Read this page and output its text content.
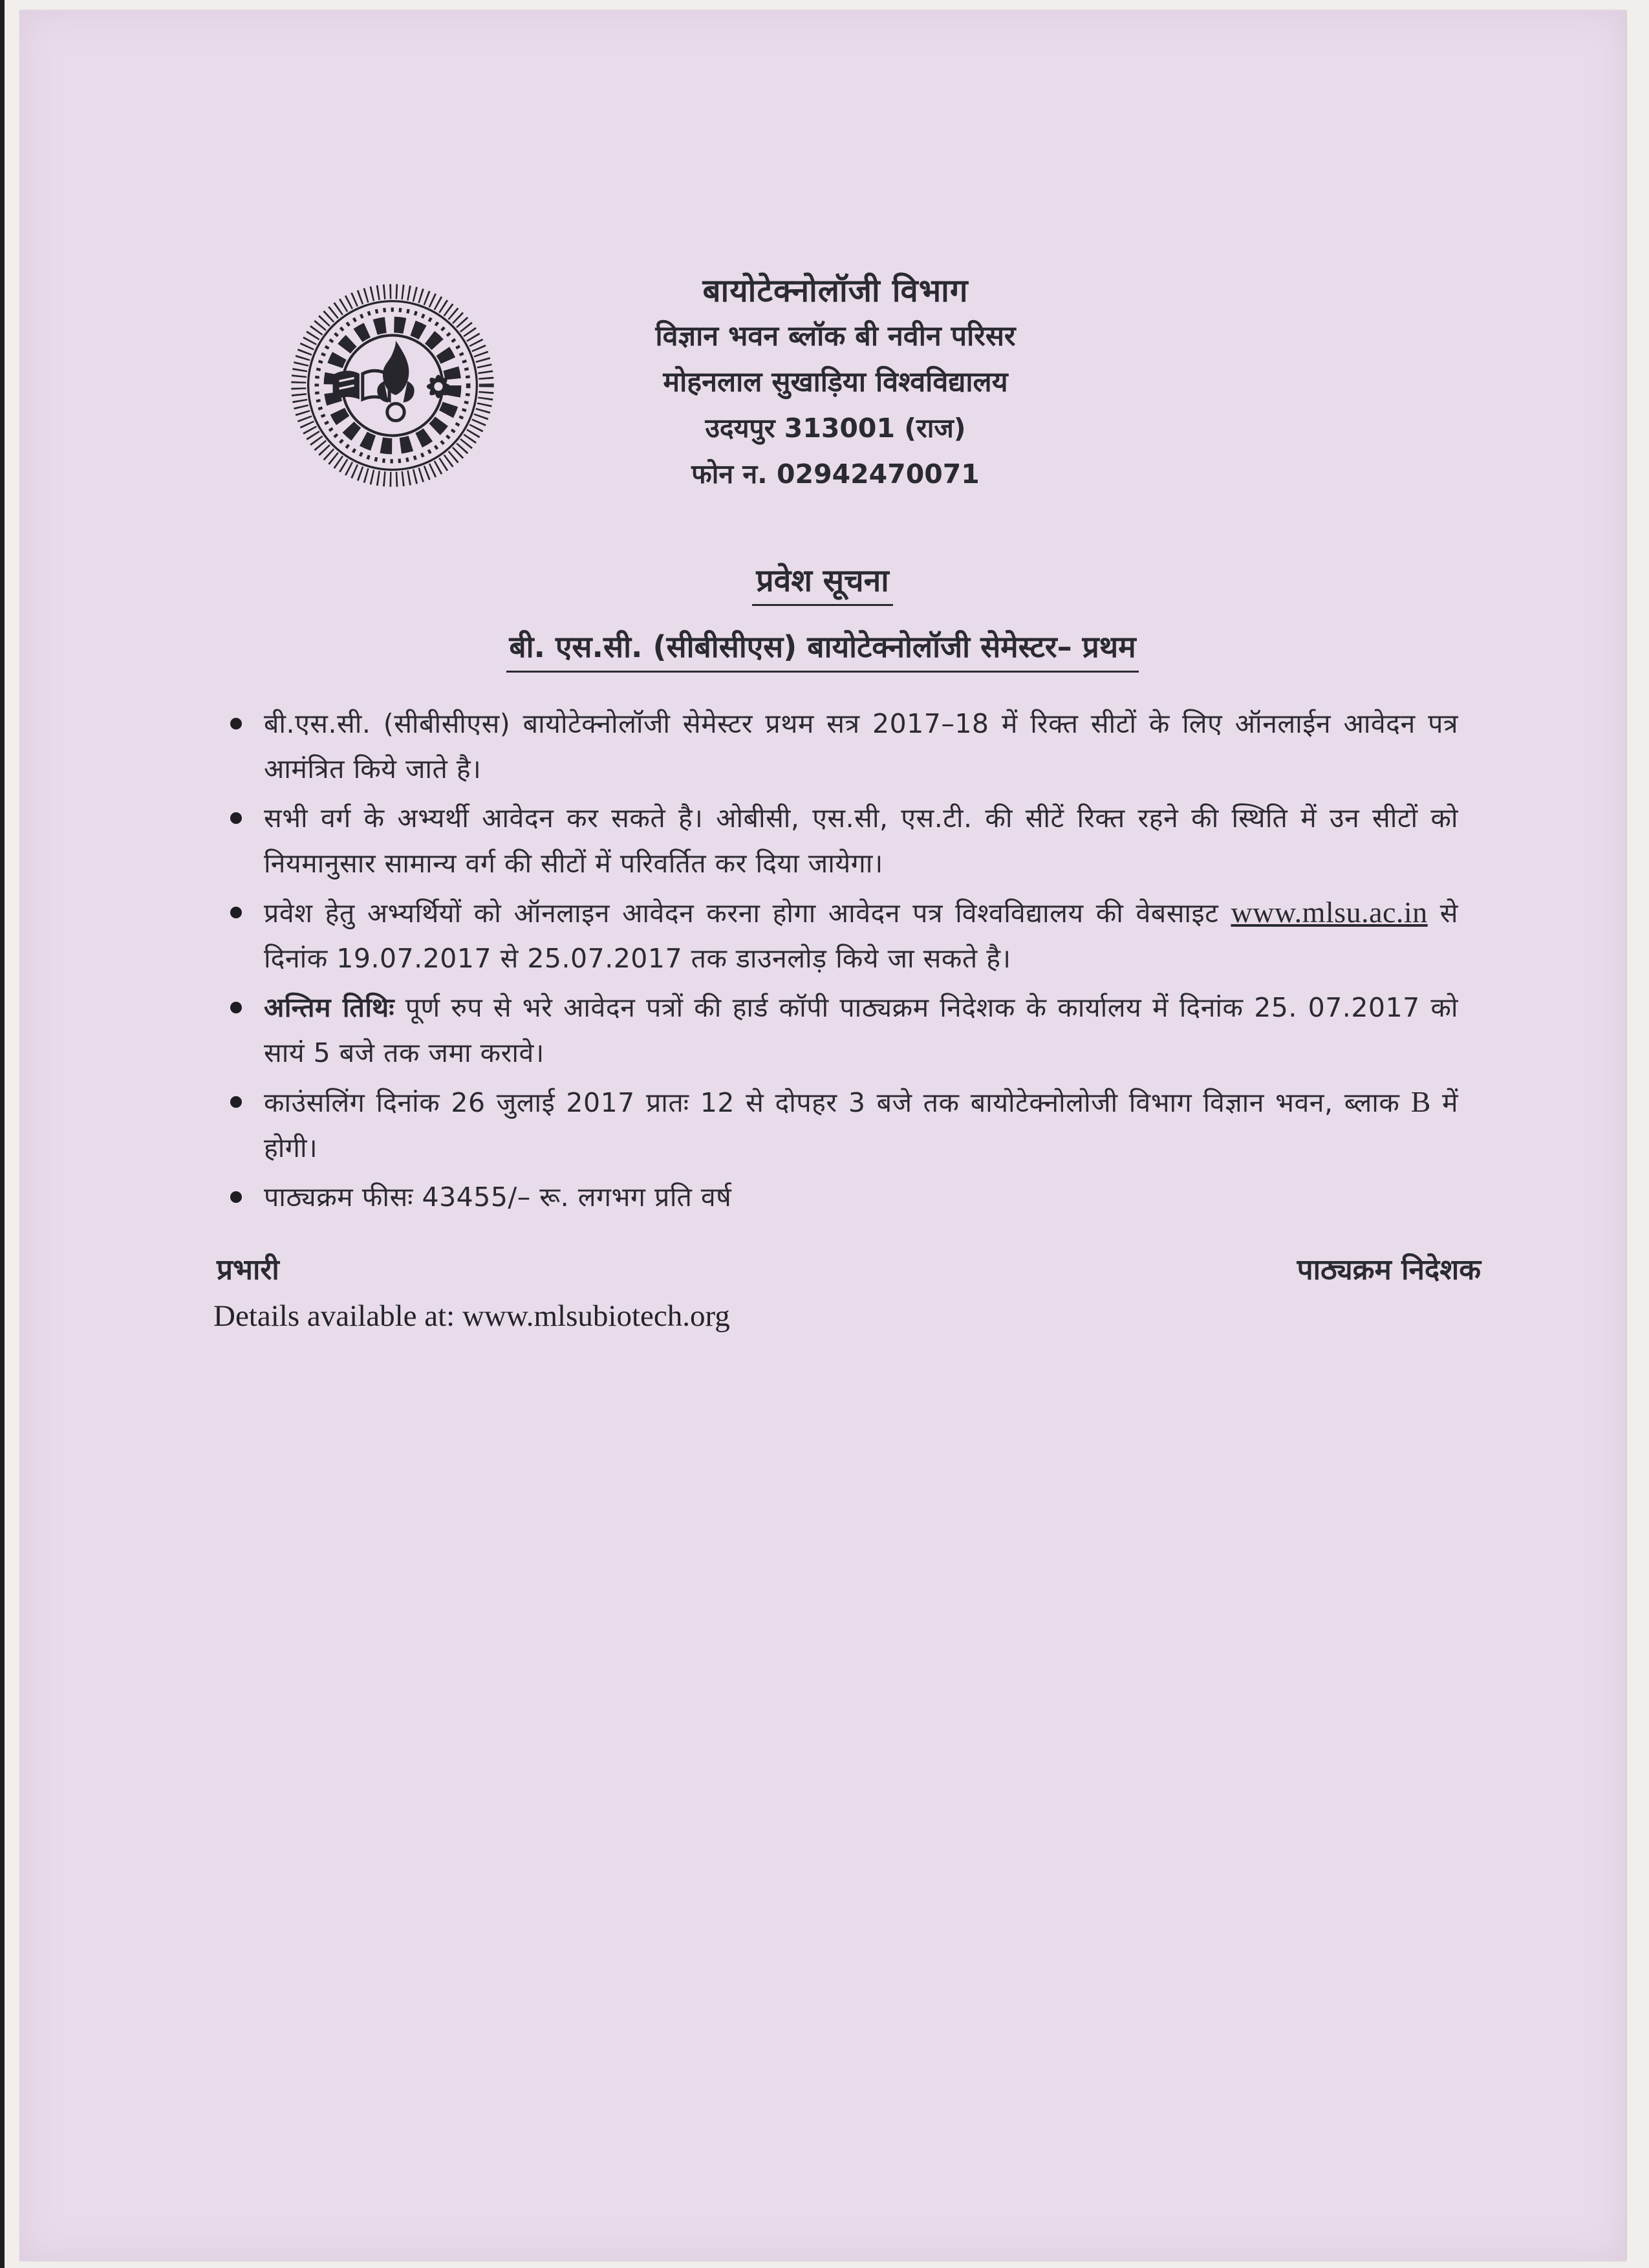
बायोटेक्नोलॉजी विभाग
विज्ञान भवन ब्लॉक बी नवीन परिसर
मोहनलाल सुखाड़िया विश्वविद्यालय
उदयपुर 313001 (राज)
फोन न. 02942470071
प्रवेश सूचना
बी. एस.सी. (सीबीसीएस) बायोटेक्नोलॉजी सेमेस्टर– प्रथम
बी.एस.सी. (सीबीसीएस) बायोटेक्नोलॉजी सेमेस्टर प्रथम सत्र 2017–18 में रिक्त सीटों के लिए ऑनलाईन आवेदन पत्र आमंत्रित किये जाते है।
सभी वर्ग के अभ्यर्थी आवेदन कर सकते है। ओबीसी, एस.सी, एस.टी. की सीटें रिक्त रहने की स्थिति में उन सीटों को नियमानुसार सामान्य वर्ग की सीटों में परिवर्तित कर दिया जायेगा।
प्रवेश हेतु अभ्यर्थियों को ऑनलाइन आवेदन करना होगा आवेदन पत्र विश्वविद्यालय की वेबसाइट www.mlsu.ac.in से दिनांक 19.07.2017 से 25.07.2017 तक डाउनलोड़ किये जा सकते है।
अन्तिम तिथिः पूर्ण रुप से भरे आवेदन पत्रों की हार्ड कॉपी पाठ्यक्रम निदेशक के कार्यालय में दिनांक 25. 07.2017 को सायं 5 बजे तक जमा करावे।
काउंसलिंग दिनांक 26 जुलाई 2017 प्रातः 12 से दोपहर 3 बजे तक बायोटेक्नोलोजी विभाग विज्ञान भवन, ब्लाक B में होगी।
पाठ्यक्रम फीसः 43455/– रू. लगभग प्रति वर्ष
प्रभारी	पाठ्यक्रम निदेशक
Details available at: www.mlsubiotech.org
